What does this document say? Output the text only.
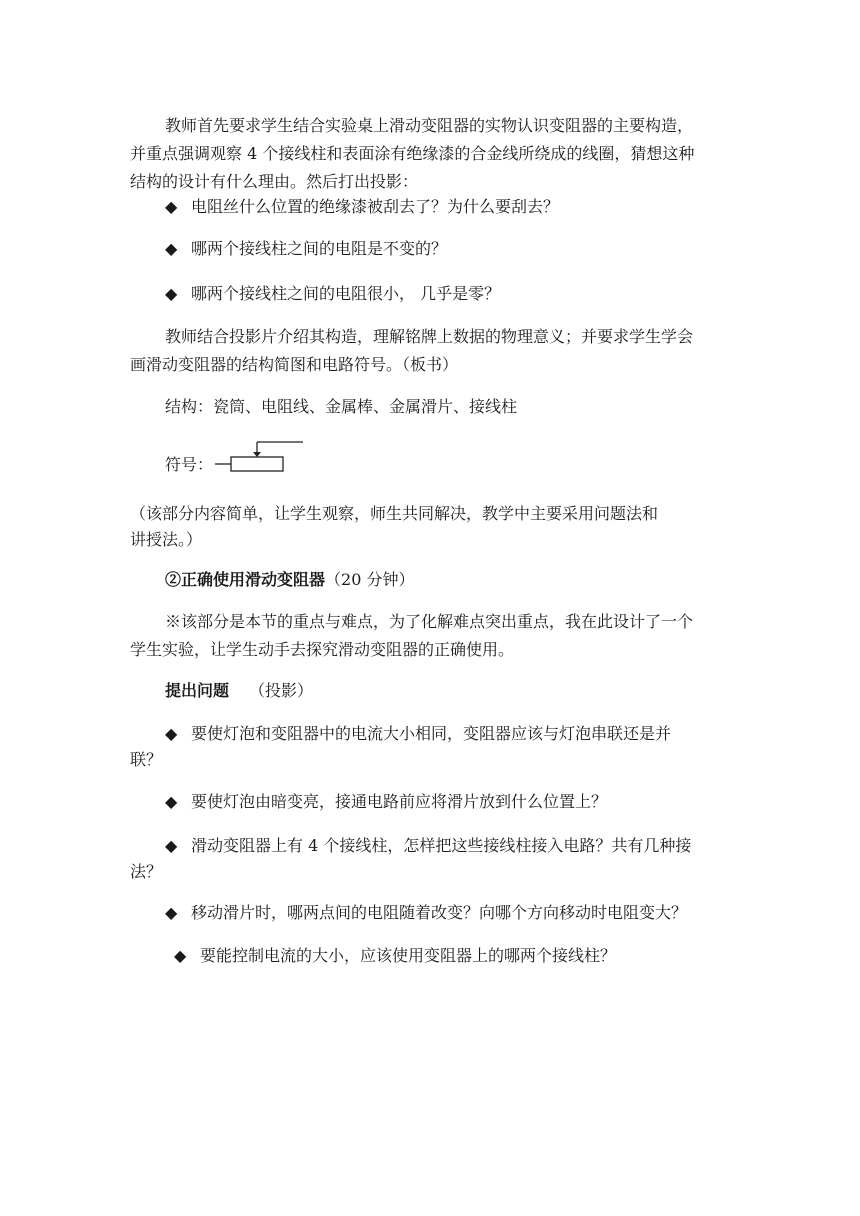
教师首先要求学生结合实验桌上滑动变阻器的实物认识变阻器的主要构造，
并重点强调观察 4 个接线柱和表面涂有绝缘漆的合金线所绕成的线圈，猜想这种
结构的设计有什么理由。然后打出投影：
◆ 电阻丝什么位置的绝缘漆被刮去了？为什么要刮去？
◆ 哪两个接线柱之间的电阻是不变的？
◆ 哪两个接线柱之间的电阻很小， 几乎是零？
教师结合投影片介绍其构造，理解铭牌上数据的物理意义；并要求学生学会
画滑动变阻器的结构简图和电路符号。（板书）
结构：瓷筒、电阻线、金属棒、金属滑片、接线柱
符号：
（该部分内容简单，让学生观察，师生共同解决，教学中主要采用问题法和
讲授法。）
②正确使用滑动变阻器（20 分钟）
※该部分是本节的重点与难点，为了化解难点突出重点，我在此设计了一个
学生实验，让学生动手去探究滑动变阻器的正确使用。
提出问题 （投影）
◆ 要使灯泡和变阻器中的电流大小相同，变阻器应该与灯泡串联还是并
联？
◆ 要使灯泡由暗变亮，接通电路前应将滑片放到什么位置上？
◆ 滑动变阻器上有 4 个接线柱，怎样把这些接线柱接入电路？共有几种接
法？
◆ 移动滑片时，哪两点间的电阻随着改变？向哪个方向移动时电阻变大？
◆ 要能控制电流的大小，应该使用变阻器上的哪两个接线柱？
